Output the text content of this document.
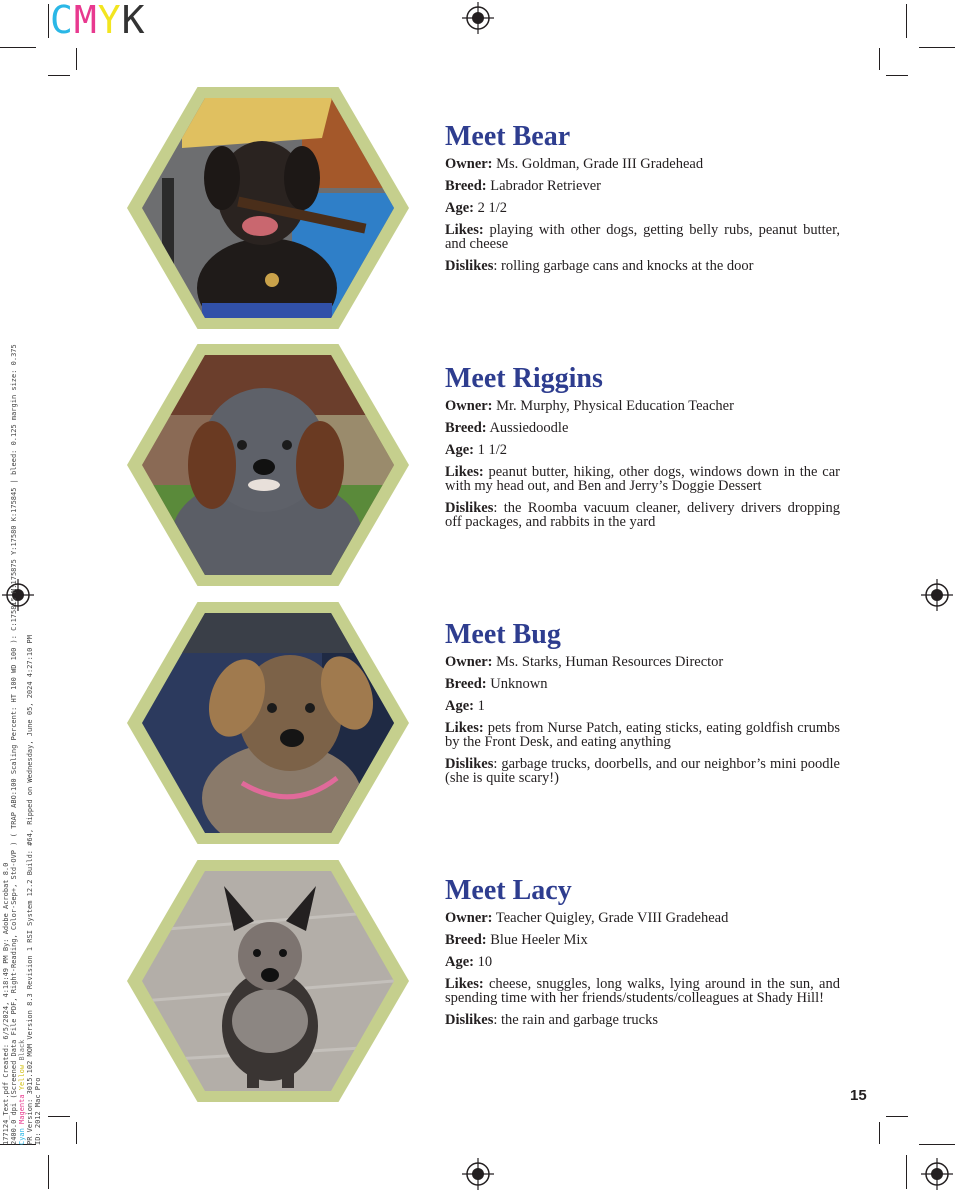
CMYK
177124_Text.pdf Created: 6/5/2024, 4:18:49 PM By: Adobe Acrobat 8.0 2400.0 dpi (Screened Data File PDF, Right-Reading, Color-Sep+, Std-OVP ) ( TRAP ABO:100 Scaling Percent: HT 100 WD 100 ): C:175815 M:175875 Y:17580 K:175845 | bleed: 0.125 margin size: 0.375 Cyan Magenta Yellow Black PR Version: 3015.102 MOM Version 8.3 Revision 1 RSI System 12.2 Build: #64, Ripped on Wednesday, June 05, 2024 4:27:10 PM ID: 2012 Mac Pro
Meet Bear

Owner: Ms. Goldman, Grade III Gradehead

Breed: Labrador Retriever

Age: 2 1/2

Likes: playing with other dogs, getting belly rubs, peanut butter, and cheese

Dislikes: rolling garbage cans and knocks at the door

Meet Riggins

Owner: Mr. Murphy, Physical Education Teacher

Breed: Aussiedoodle

Age: 1 1/2

Likes: peanut butter, hiking, other dogs, windows down in the car with my head out, and Ben and Jerry’s Doggie Dessert

Dislikes: the Roomba vacuum cleaner, delivery drivers dropping off packages, and rabbits in the yard

Meet Bug

Owner: Ms. Starks, Human Resources Director

Breed: Unknown

Age: 1

Likes: pets from Nurse Patch, eating sticks, eating goldfish crumbs by the Front Desk, and eating anything

Dislikes: garbage trucks, doorbells, and our neighbor’s mini poodle (she is quite scary!)

Meet Lacy

Owner: Teacher Quigley, Grade VIII Gradehead

Breed: Blue Heeler Mix

Age: 10

Likes: cheese, snuggles, long walks, lying around in the sun, and spending time with her friends/students/colleagues at Shady Hill!

Dislikes: the rain and garbage trucks

15
